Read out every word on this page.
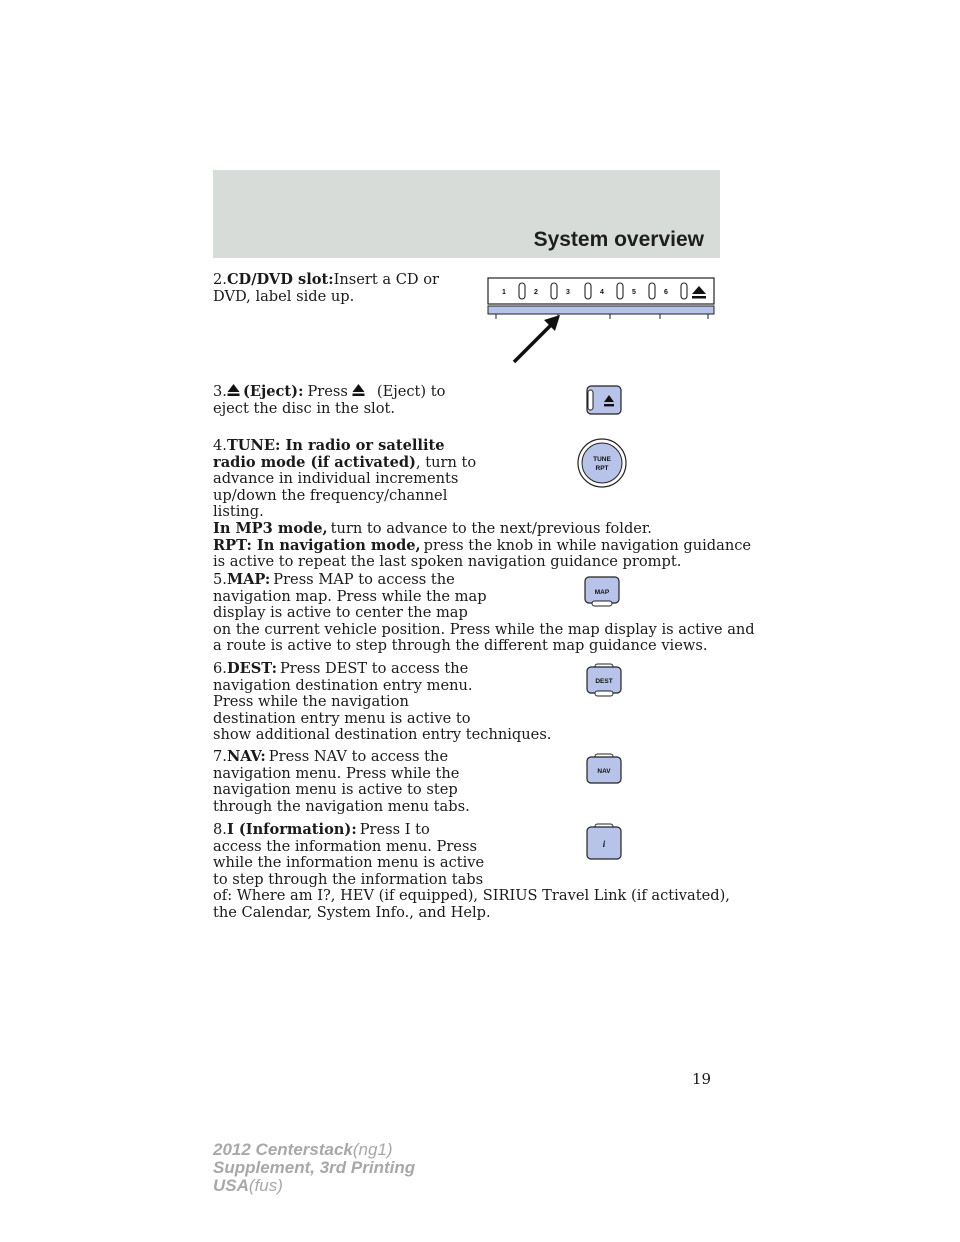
System overview

2.CD/DVD slot:Insert a CD or
DVD, label side up.	1	2	3	4	5	6

3. (Eject): Press (Eject) to
eject the disc in the slot.

4.TUNE: In radio or satellite
radio mode (if activated), turn to
advance in individual increments
up/down the frequency/channel
listing.
In MP3 mode, turn to advance to the next/previous folder.
RPT: In navigation mode, press the knob in while navigation guidance
is active to repeat the last spoken navigation guidance prompt.

TUNE
RPT

5.MAP: Press MAP to access the
navigation map. Press while the map
display is active to center the map
on the current vehicle position. Press while the map display is active and
a route is active to step through the different map guidance views.

MAP

6.DEST: Press DEST to access the
navigation destination entry menu.
Press while the navigation
destination entry menu is active to
show additional destination entry techniques.

DEST

7.NAV: Press NAV to access the
navigation menu. Press while the
navigation menu is active to step
through the navigation menu tabs.

NAV

8.I (Information): Press I to
access the information menu. Press
while the information menu is active
to step through the information tabs
of: Where am I?, HEV (if equipped), SIRIUS Travel Link (if activated),
the Calendar, System Info., and Help.

i
19
2012 Centerstack(ng1)
Supplement, 3rd Printing
USA(fus)
